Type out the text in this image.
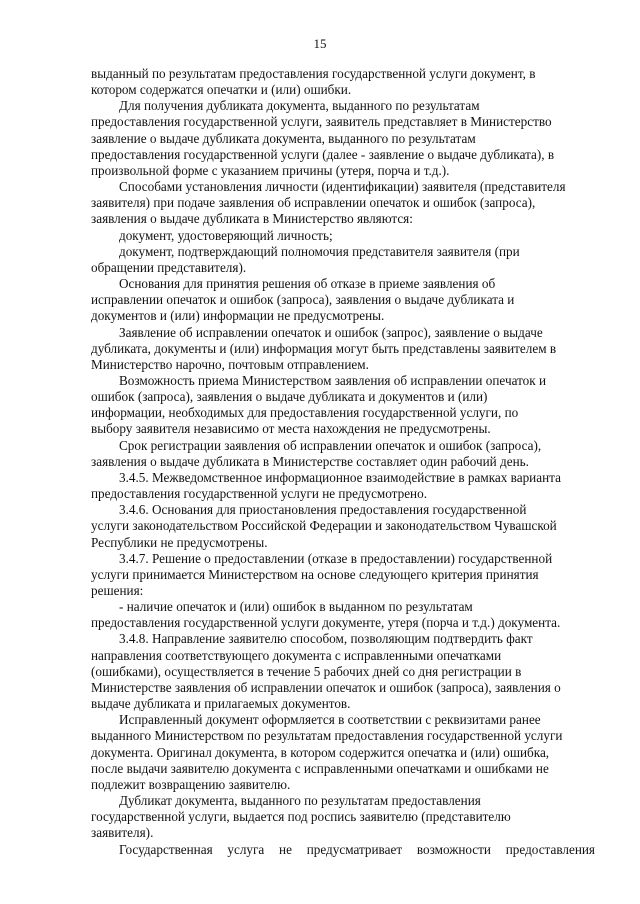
15

выданный по результатам предоставления государственной услуги документ, в
котором содержатся опечатки и (или) ошибки.

Для получения дубликата документа, выданного по результатам
предоставления государственной услуги, заявитель представляет в Министерство
заявление о выдаче дубликата документа, выданного по результатам
предоставления государственной услуги (далее - заявление о выдаче дубликата), в
произвольной форме с указанием причины (утеря, порча и т.д.).

Способами установления личности (идентификации) заявителя (представителя
заявителя) при подаче заявления об исправлении опечаток и ошибок (запроса),
заявления о выдаче дубликата в Министерство являются:

документ, удостоверяющий личность;

документ, подтверждающий полномочия представителя заявителя (при
обращении представителя).

Основания для принятия решения об отказе в приеме заявления об
исправлении опечаток и ошибок (запроса), заявления о выдаче дубликата и
документов и (или) информации не предусмотрены.

Заявление об исправлении опечаток и ошибок (запрос), заявление о выдаче
дубликата, документы и (или) информация могут быть представлены заявителем в
Министерство нарочно, почтовым отправлением.

Возможность приема Министерством заявления об исправлении опечаток и
ошибок (запроса), заявления о выдаче дубликата и документов и (или)
информации, необходимых для предоставления государственной услуги, по
выбору заявителя независимо от места нахождения не предусмотрены.

Срок регистрации заявления об исправлении опечаток и ошибок (запроса),
заявления о выдаче дубликата в Министерстве составляет один рабочий день.

3.4.5. Межведомственное информационное взаимодействие в рамках варианта
предоставления государственной услуги не предусмотрено.

3.4.6. Основания для приостановления предоставления государственной
услуги законодательством Российской Федерации и законодательством Чувашской
Республики не предусмотрены.

3.4.7. Решение о предоставлении (отказе в предоставлении) государственной
услуги принимается Министерством на основе следующего критерия принятия
решения:

- наличие опечаток и (или) ошибок в выданном по результатам
предоставления государственной услуги документе, утеря (порча и т.д.) документа.

3.4.8. Направление заявителю способом, позволяющим подтвердить факт
направления соответствующего документа с исправленными опечатками
(ошибками), осуществляется в течение 5 рабочих дней со дня регистрации в
Министерстве заявления об исправлении опечаток и ошибок (запроса), заявления о
выдаче дубликата и прилагаемых документов.

Исправленный документ оформляется в соответствии с реквизитами ранее
выданного Министерством по результатам предоставления государственной услуги
документа. Оригинал документа, в котором содержится опечатка и (или) ошибка,
после выдачи заявителю документа с исправленными опечатками и ошибками не
подлежит возвращению заявителю.

Дубликат документа, выданного по результатам предоставления
государственной услуги, выдается под роспись заявителю (представителю
заявителя).

Государственная услуга не предусматривает возможности предоставления
